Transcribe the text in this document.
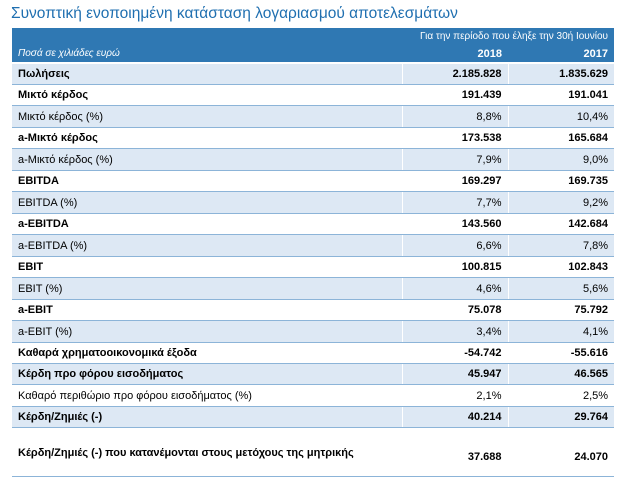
Συνοπτική ενοποιημένη κατάσταση λογαριασμού αποτελεσμάτων
Για την περίοδο που έληξε την 30ή Ιουνίου		
Ποσά σε χιλιάδες ευρώ	2018	2017
Πωλήσεις	2.185.828	1.835.629
Μικτό κέρδος	191.439	191.041
Μικτό κέρδος (%)	8,8%	10,4%
a-Μικτό κέρδος	173.538	165.684
a-Μικτό κέρδος (%)	7,9%	9,0%
EBITDA	169.297	169.735
EBITDA (%)	7,7%	9,2%
a-EBITDA	143.560	142.684
a-EBITDA (%)	6,6%	7,8%
EBIT	100.815	102.843
EBIT (%)	4,6%	5,6%
a-EBIT	75.078	75.792
a-EBIT (%)	3,4%	4,1%
Καθαρά χρηματοοικονομικά έξοδα	-54.742	-55.616
Κέρδη προ φόρου εισοδήματος	45.947	46.565
Καθαρό περιθώριο προ φόρου εισοδήματος (%)	2,1%	2,5%
Κέρδη/Ζημιές (-)	40.214	29.764
Κέρδη/Ζημιές (-) που κατανέμονται στους μετόχους της μητρικής	37.688	24.070
